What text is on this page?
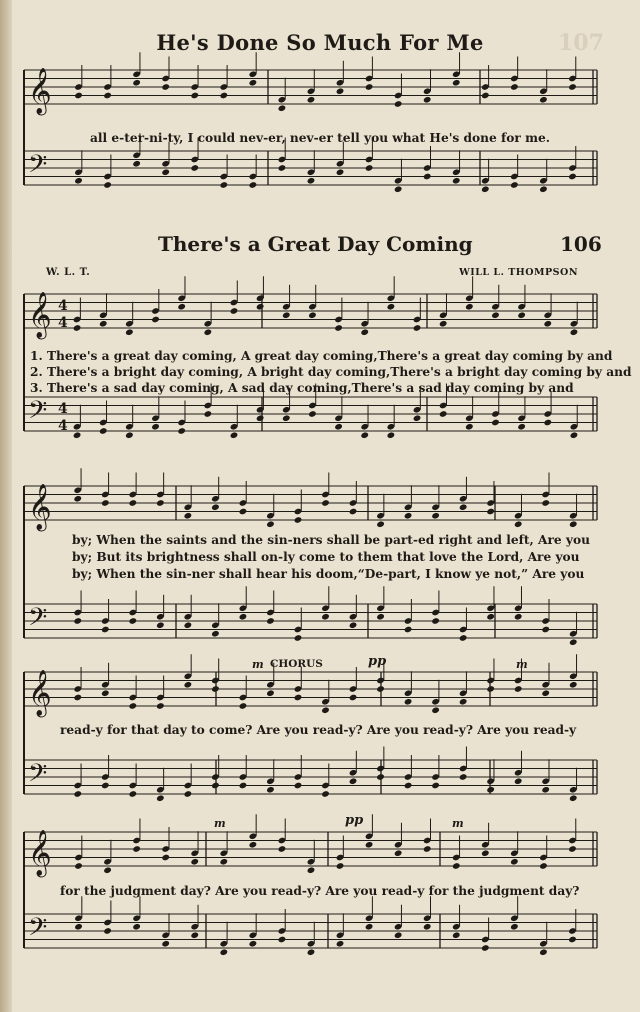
𝄞
𝄢
𝄞
𝄢
𝄞
𝄢
𝄞
𝄢
𝄞
𝄢
4
4
4
4
107
He's Done So Much For Me
all e-ter-ni-ty, I could nev-er, nev-er tell you what He's done for me.
There's a Great Day Coming	106
W. L. T.	WILL L. THOMPSON
1. There's a great day coming, A great day coming,There's a great day coming by and
2. There's a bright day coming, A bright day coming,There's a bright day coming by and
3. There's a sad day coming, A sad day coming,There's a sad day coming by and
by; When the saints and the sin-ners shall be part-ed right and left, Are you
by; But its brightness shall on-ly come to them that love the Lord, Are you
by; When the sin-ner shall hear his doom,“De-part, I know ye not,” Are you
m CHORUS	pp	m
read-y for that day to come? Are you read-y? Are you read-y? Are you read-y
m	pp	m
for the judgment day? Are you read-y? Are you read-y for the judgment day?
